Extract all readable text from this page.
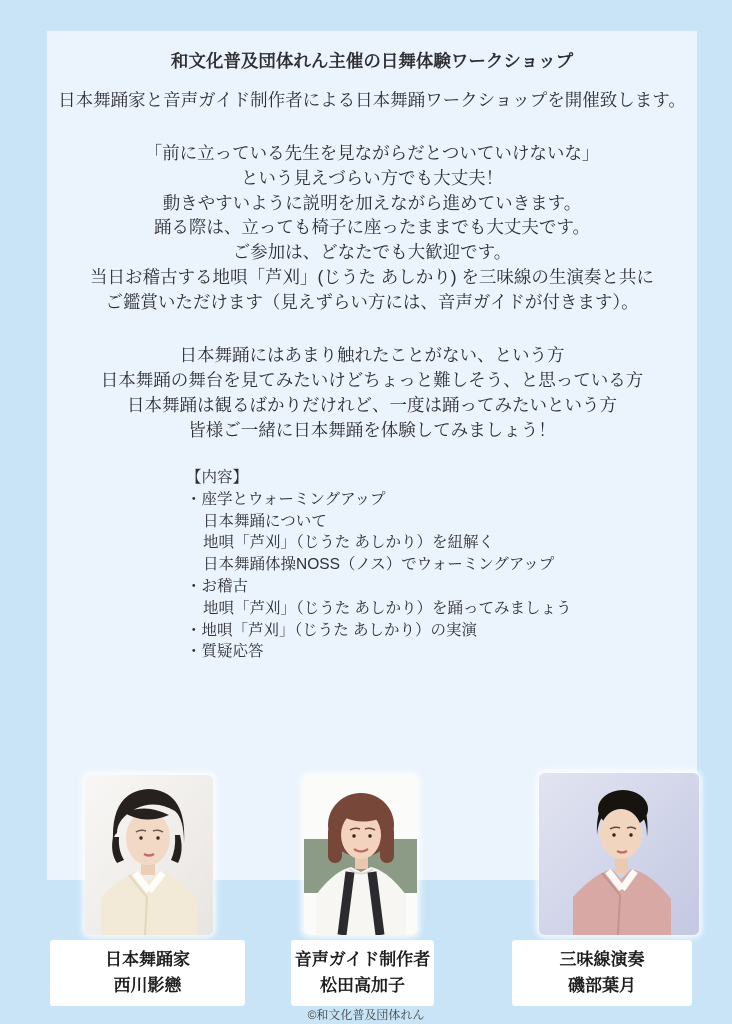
和文化普及団体れん主催の日舞体験ワークショップ
日本舞踊家と音声ガイド制作者による日本舞踊ワークショップを開催致します。
「前に立っている先生を見ながらだとついていけないな」
という見えづらい方でも大丈夫！
動きやすいように説明を加えながら進めていきます。
踊る際は、立っても椅子に座ったままでも大丈夫です。
ご参加は、どなたでも大歓迎です。
当日お稽古する地唄「芦刈」(じうた あしかり) を三味線の生演奏と共に
ご鑑賞いただけます（見えずらい方には、音声ガイドが付きます）。
日本舞踊にはあまり触れたことがない、という方
日本舞踊の舞台を見てみたいけどちょっと難しそう、と思っている方
日本舞踊は観るばかりだけれど、一度は踊ってみたいという方
皆様ご一緒に日本舞踊を体験してみましょう！
【内容】
・座学とウォーミングアップ
日本舞踊について
地唄「芦刈」（じうた あしかり）を紐解く
日本舞踊体操NOSS（ノス）でウォーミングアップ
・お稽古
地唄「芦刈」（じうた あしかり）を踊ってみましょう
・地唄「芦刈」（じうた あしかり）の実演
・質疑応答
日本舞踊家
西川影戀
音声ガイド制作者
松田高加子
三味線演奏
磯部葉月
©和文化普及団体れん
